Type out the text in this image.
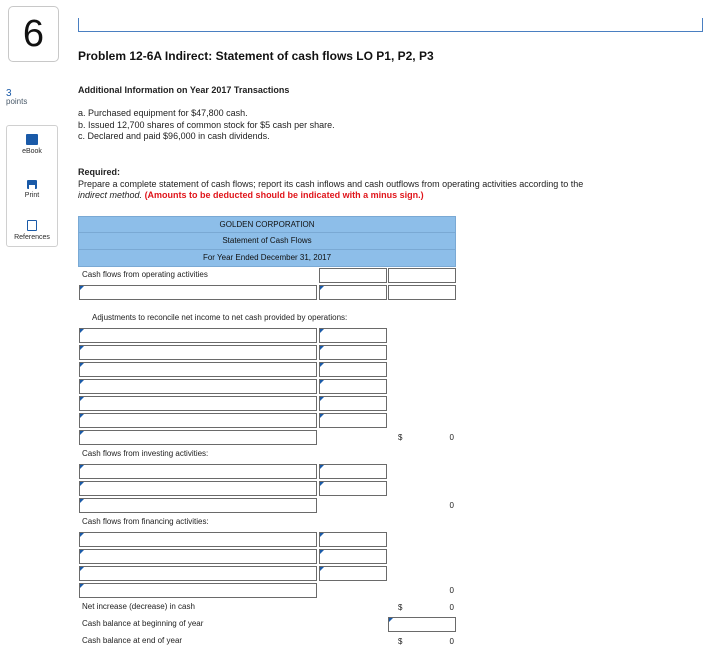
6
Problem 12-6A Indirect: Statement of cash flows LO P1, P2, P3
3
points
eBook
Print
References
Additional Information on Year 2017 Transactions
a. Purchased equipment for $47,800 cash.
b. Issued 12,700 shares of common stock for $5 cash per share.
c. Declared and paid $96,000 in cash dividends.
Required:
Prepare a complete statement of cash flows; report its cash inflows and cash outflows from operating activities according to the
indirect method. (Amounts to be deducted should be indicated with a minus sign.)
GOLDEN CORPORATION
Statement of Cash Flows
For Year Ended December 31, 2017
Cash flows from operating activities
Adjustments to reconcile net income to net cash provided by operations:
$	0
Cash flows from investing activities:
0
Cash flows from financing activities:
0
Net increase (decrease) in cash	$	0
Cash balance at beginning of year
Cash balance at end of year	$	0
